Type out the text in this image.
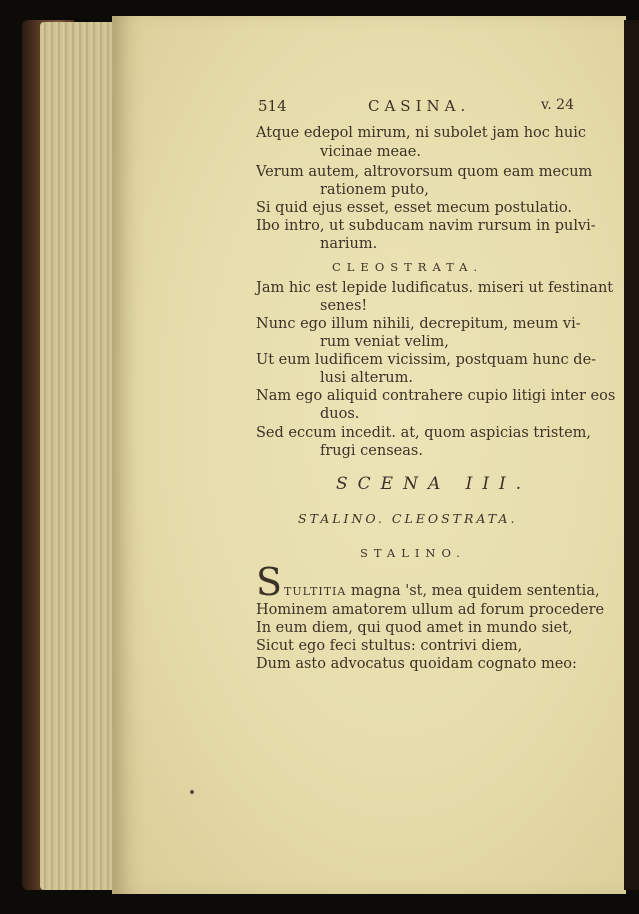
514	CASINA.	v. 24
Atque edepol mirum, ni subolet jam hoc huic
vicinae meae.
Verum autem, altrovorsum quom eam mecum
rationem puto,
Si quid ejus esset, esset mecum postulatio.
Ibo intro, ut subducam navim rursum in pulvi-
narium.
CLEOSTRATA.
Jam hic est lepide ludificatus. miseri ut festinant
senes!
Nunc ego illum nihili, decrepitum, meum vi-
rum veniat velim,
Ut eum ludificem vicissim, postquam hunc de-
lusi alterum.
Nam ego aliquid contrahere cupio litigi inter eos
duos.
Sed eccum incedit. at, quom aspicias tristem,
frugi censeas.
SCENA III.
STALINO. CLEOSTRATA.
STALINO.
S TULTITIA magna 'st, mea quidem sententia,
Hominem amatorem ullum ad forum procedere
In eum diem, qui quod amet in mundo siet,
Sicut ego feci stultus: contrivi diem,
Dum asto advocatus quoidam cognato meo:
